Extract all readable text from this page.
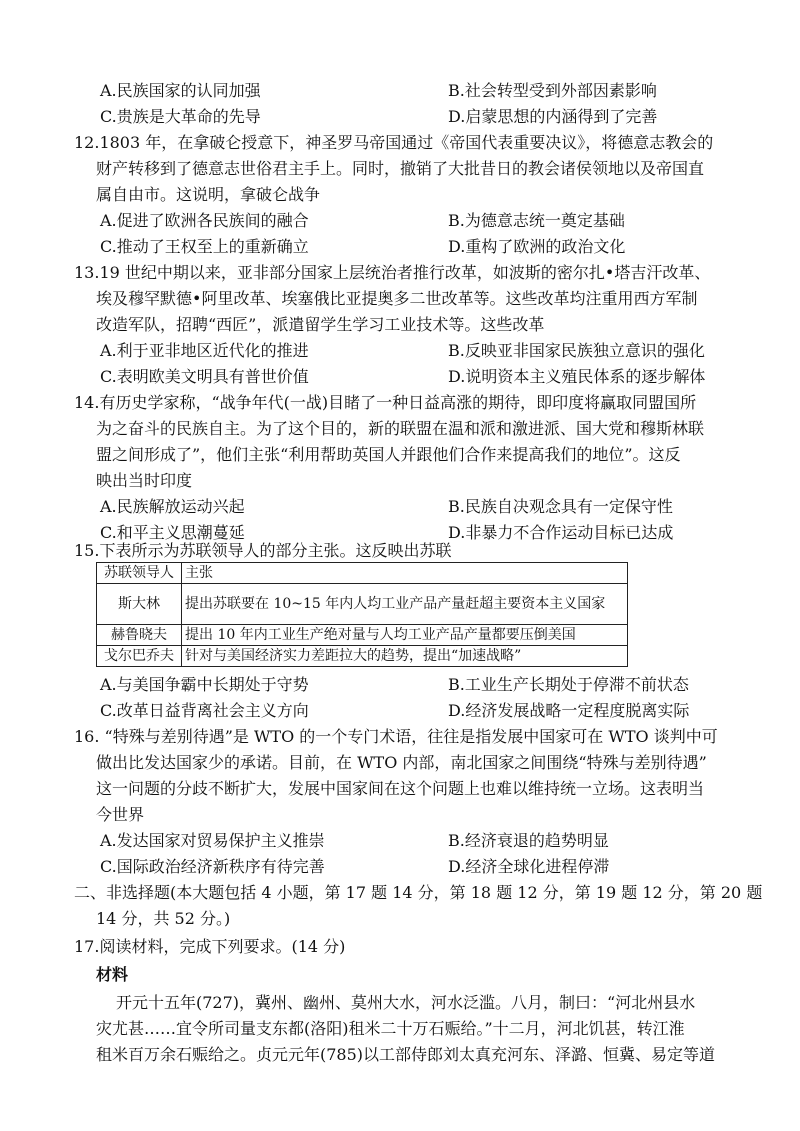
A.民族国家的认同加强	B.社会转型受到外部因素影响
C.贵族是大革命的先导	D.启蒙思想的内涵得到了完善
12.1803 年，在拿破仑授意下，神圣罗马帝国通过《帝国代表重要决议》，将德意志教会的
财产转移到了德意志世俗君主手上。同时，撤销了大批昔日的教会诸侯领地以及帝国直
属自由市。这说明，拿破仑战争
A.促进了欧洲各民族间的融合	B.为德意志统一奠定基础
C.推动了王权至上的重新确立	D.重构了欧洲的政治文化
13.19 世纪中期以来，亚非部分国家上层统治者推行改革，如波斯的密尔扎•塔吉汗改革、
埃及穆罕默德•阿里改革、埃塞俄比亚提奥多二世改革等。这些改革均注重用西方军制
改造军队，招聘“西匠”，派遣留学生学习工业技术等。这些改革
A.利于亚非地区近代化的推进	B.反映亚非国家民族独立意识的强化
C.表明欧美文明具有普世价值	D.说明资本主义殖民体系的逐步解体
14.有历史学家称，“战争年代(一战)目睹了一种日益高涨的期待，即印度将赢取同盟国所
为之奋斗的民族自主。为了这个目的，新的联盟在温和派和激进派、国大党和穆斯林联
盟之间形成了”，他们主张“利用帮助英国人并跟他们合作来提高我们的地位”。这反
映出当时印度
A.民族解放运动兴起	B.民族自决观念具有一定保守性
C.和平主义思潮蔓延	D.非暴力不合作运动目标已达成
15.下表所示为苏联领导人的部分主张。这反映出苏联
苏联领导人	主张
斯大林	提出苏联要在 10~15 年内人均工业产品产量赶超主要资本主义国家
赫鲁晓夫	提出 10 年内工业生产绝对量与人均工业产品产量都要压倒美国
戈尔巴乔夫	针对与美国经济实力差距拉大的趋势，提出“加速战略”
A.与美国争霸中长期处于守势	B.工业生产长期处于停滞不前状态
C.改革日益背离社会主义方向	D.经济发展战略一定程度脱离实际
16. “特殊与差别待遇”是 WTO 的一个专门术语，往往是指发展中国家可在 WTO 谈判中可
做出比发达国家少的承诺。目前，在 WTO 内部，南北国家之间围绕“特殊与差别待遇”
这一问题的分歧不断扩大，发展中国家间在这个问题上也难以维持统一立场。这表明当
今世界
A.发达国家对贸易保护主义推崇	B.经济衰退的趋势明显
C.国际政治经济新秩序有待完善	D.经济全球化进程停滞
二、非选择题(本大题包括 4 小题，第 17 题 14 分，第 18 题 12 分，第 19 题 12 分，第 20 题
14 分，共 52 分。)
17.阅读材料，完成下列要求。(14 分)
材料
开元十五年(727)，冀州、幽州、莫州大水，河水泛滥。八月，制曰：“河北州县水
灾尤甚……宜令所司量支东都(洛阳)租米二十万石赈给。”十二月，河北饥甚，转江淮
租米百万余石赈给之。贞元元年(785)以工部侍郎刘太真充河东、泽潞、恒冀、易定等道
